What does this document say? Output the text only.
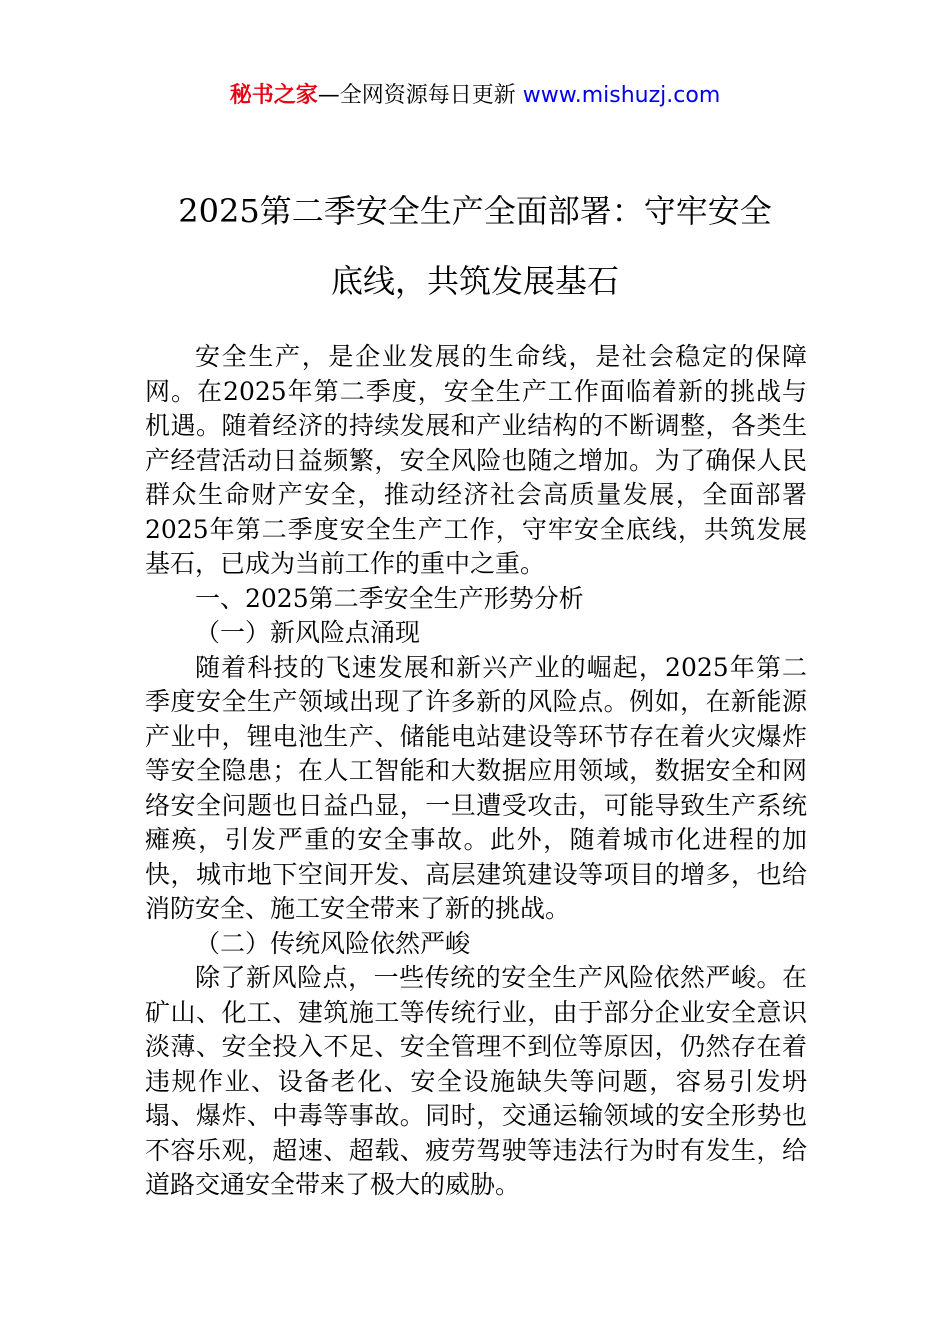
秘书之家—全网资源每日更新 www.mishuzj.com
2025第二季安全生产全面部署：守牢安全
底线，共筑发展基石

安全生产，是企业发展的生命线，是社会稳定的保障网。在2025年第二季度，安全生产工作面临着新的挑战与机遇。随着经济的持续发展和产业结构的不断调整，各类生产经营活动日益频繁，安全风险也随之增加。为了确保人民群众生命财产安全，推动经济社会高质量发展，全面部署2025年第二季度安全生产工作，守牢安全底线，共筑发展基石，已成为当前工作的重中之重。

一、2025第二季安全生产形势分析

（一）新风险点涌现

随着科技的飞速发展和新兴产业的崛起，2025年第二季度安全生产领域出现了许多新的风险点。例如，在新能源产业中，锂电池生产、储能电站建设等环节存在着火灾爆炸等安全隐患；在人工智能和大数据应用领域，数据安全和网络安全问题也日益凸显，一旦遭受攻击，可能导致生产系统瘫痪，引发严重的安全事故。此外，随着城市化进程的加快，城市地下空间开发、高层建筑建设等项目的增多，也给消防安全、施工安全带来了新的挑战。

（二）传统风险依然严峻

除了新风险点，一些传统的安全生产风险依然严峻。在矿山、化工、建筑施工等传统行业，由于部分企业安全意识淡薄、安全投入不足、安全管理不到位等原因，仍然存在着违规作业、设备老化、安全设施缺失等问题，容易引发坍塌、爆炸、中毒等事故。同时，交通运输领域的安全形势也不容乐观，超速、超载、疲劳驾驶等违法行为时有发生，给道路交通安全带来了极大的威胁。
